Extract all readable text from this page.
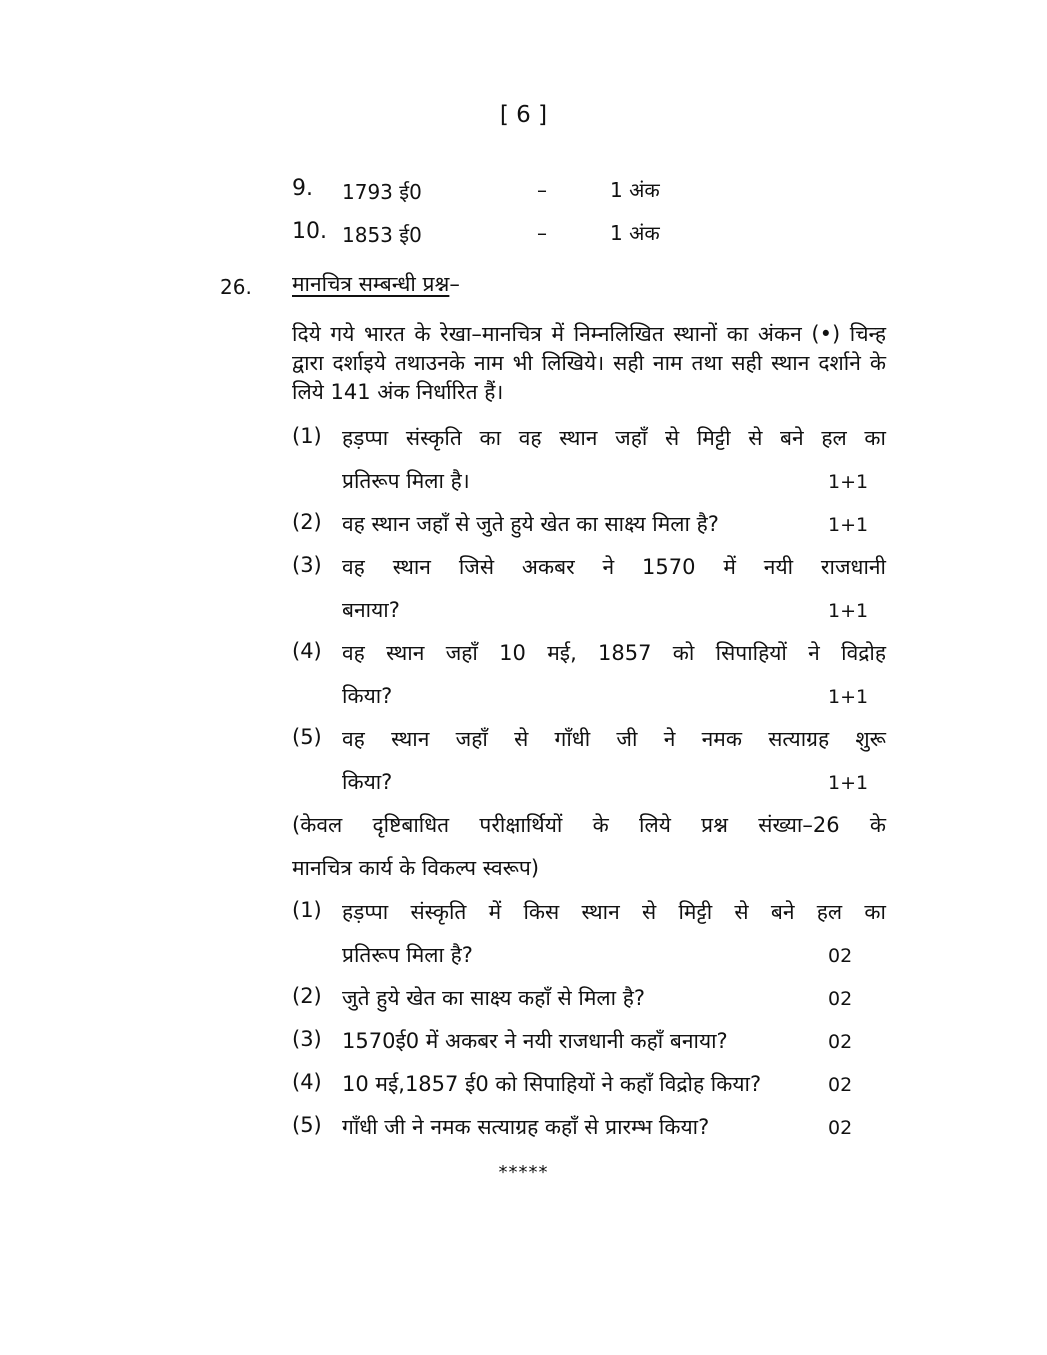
[ 6 ]
9. 1793 ई0	–	1 अंक
10. 1853 ई0	–	1 अंक
26. मानचित्र सम्बन्धी प्रश्न–
दिये गये भारत के रेखा–मानचित्र में निम्नलिखित स्थानों का अंकन (•) चिन्ह द्वारा दर्शाइये तथाउनके नाम भी लिखिये। सही नाम तथा सही स्थान दर्शाने के लिये 141 अंक निर्धारित हैं।
(1) हड़प्पा संस्कृति का वह स्थान जहाँ से मिट्टी से बने हल का
प्रतिरूप मिला है।	1+1
(2) वह स्थान जहाँ से जुते हुये खेत का साक्ष्य मिला है?	1+1
(3) वह स्थान जिसे अकबर ने 1570 में नयी राजधानी
बनाया?	1+1
(4) वह स्थान जहाँ 10 मई, 1857 को सिपाहियों ने विद्रोह
किया?	1+1
(5) वह स्थान जहाँ से गाँधी जी ने नमक सत्याग्रह शुरू
किया?	1+1
(केवल दृष्टिबाधित परीक्षार्थियों के लिये प्रश्न संख्या–26 के
मानचित्र कार्य के विकल्प स्वरूप)
(1) हड़प्पा संस्कृति में किस स्थान से मिट्टी से बने हल का
प्रतिरूप मिला है?	02
(2) जुते हुये खेत का साक्ष्य कहाँ से मिला है?	02
(3) 1570ई0 में अकबर ने नयी राजधानी कहाँ बनाया?	02
(4) 10 मई,1857 ई0 को सिपाहियों ने कहाँ विद्रोह किया?	02
(5) गाँधी जी ने नमक सत्याग्रह कहाँ से प्रारम्भ किया?	02
*****
